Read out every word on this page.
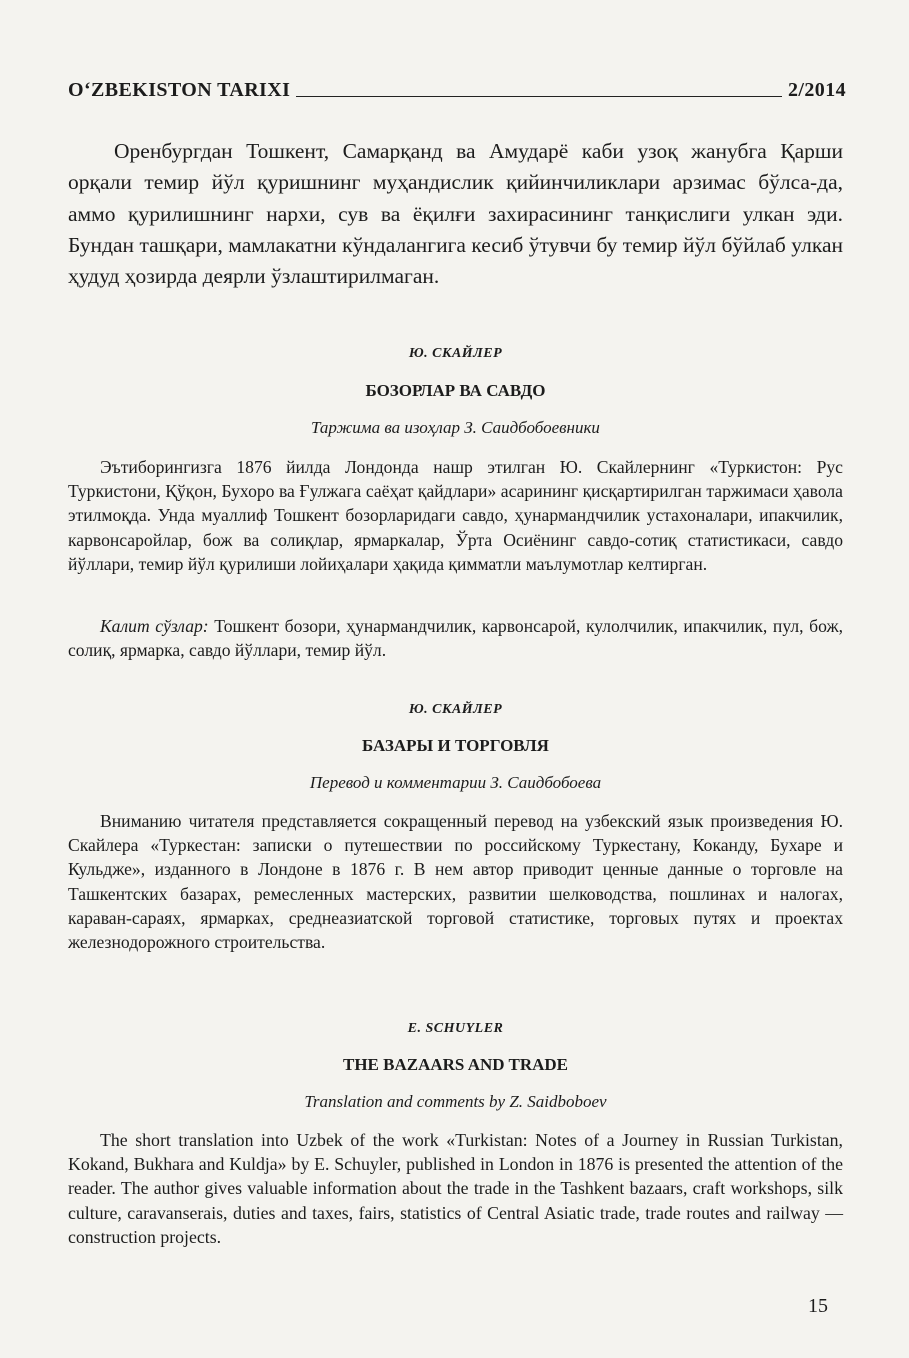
O‘ZBEKISTON TARIXI	2/2014
Оренбургдан Тошкент, Самарқанд ва Амударё каби узоқ жанубга Қарши орқали темир йўл қуришнинг муҳандислик қийинчиликлари арзимас бўлса-да, аммо қурилишнинг нархи, сув ва ёқилғи захирасининг танқислиги улкан эди. Бундан ташқари, мамлакатни кўндалангига кесиб ўтувчи бу темир йўл бўйлаб улкан ҳудуд ҳозирда деярли ўзлаштирилмаган.
Ю. СКАЙЛЕР
БОЗОРЛАР ВА САВДО
Таржима ва изоҳлар З. Саидбобоевники
Эътиборингизга 1876 йилда Лондонда нашр этилган Ю. Скайлернинг «Туркистон: Рус Туркистони, Қўқон, Бухоро ва Ғулжага саёҳат қайдлари» асарининг қисқартирилган таржимаси ҳавола этилмоқда. Унда муаллиф Тошкент бозорларидаги савдо, ҳунармандчилик устахоналари, ипакчилик, карвонсаройлар, бож ва солиқлар, ярмаркалар, Ўрта Осиёнинг савдо-сотиқ статистикаси, савдо йўллари, темир йўл қурилиши лойиҳалари ҳақида қимматли маълумотлар келтирган.
Калит сўзлар: Тошкент бозори, ҳунармандчилик, карвонсарой, кулолчилик, ипакчилик, пул, бож, солиқ, ярмарка, савдо йўллари, темир йўл.
Ю. СКАЙЛЕР
БАЗАРЫ И ТОРГОВЛЯ
Перевод и комментарии З. Саидбобоева
Вниманию читателя представляется сокращенный перевод на узбекский язык произведения Ю. Скайлера «Туркестан: записки о путешествии по российскому Туркестану, Коканду, Бухаре и Кульдже», изданного в Лондоне в 1876 г. В нем автор приводит ценные данные о торговле на Ташкентских базарах, ремесленных мастерских, развитии шелководства, пошлинах и налогах, караван-сараях, ярмарках, среднеазиатской торговой статистике, торговых путях и проектах железнодорожного строительства.
E. SCHUYLER
THE BAZAARS AND TRADE
Translation and comments by Z. Saidboboev
The short translation into Uzbek of the work «Turkistan: Notes of a Journey in Russian Turkistan, Kokand, Bukhara and Kuldja» by E. Schuyler, published in London in 1876 is presented the attention of the reader. The author gives valuable information about the trade in the Tashkent bazaars, craft workshops, silk culture, caravanserais, duties and taxes, fairs, statistics of Central Asiatic trade, trade routes and railway — construction projects.
15
